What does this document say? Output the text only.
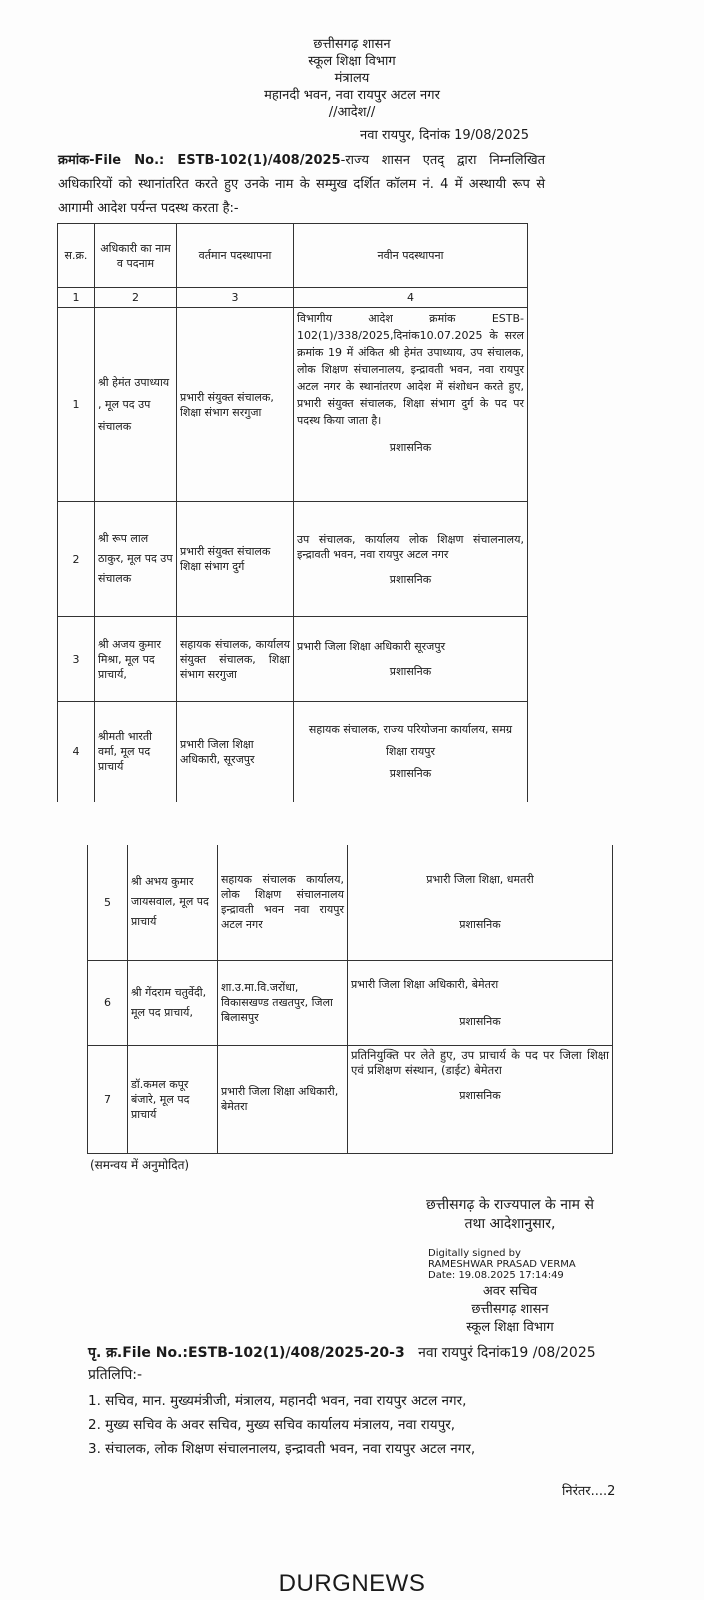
छत्तीसगढ़ शासन
स्कूल शिक्षा विभाग
मंत्रालय
महानदी भवन, नवा रायपुर अटल नगर
//आदेश//
नवा रायपुर, दिनांक 19/08/2025
क्रमांक-File No.: ESTB-102(1)/408/2025-राज्य शासन एतद् द्वारा निम्नलिखित अधिकारियों को स्थानांतरित करते हुए उनके नाम के सम्मुख दर्शित कॉलम नं. 4 में अस्थायी रूप से आगामी आदेश पर्यन्त पदस्थ करता है:-
स.क्र.	अधिकारी का नाम व पदनाम	वर्तमान पदस्थापना	नवीन पदस्थापना
1	2	3	4
1	श्री हेमंत उपाध्याय , मूल पद उप संचालक	प्रभारी संयुक्त संचालक, शिक्षा संभाग सरगुजा	विभागीय आदेश क्रमांक ESTB-102(1)/338/2025,दिनांक10.07.2025 के सरल क्रमांक 19 में अंकित श्री हेमंत उपाध्याय, उप संचालक, लोक शिक्षण संचालनालय, इन्द्रावती भवन, नवा रायपुर अटल नगर के स्थानांतरण आदेश में संशोधन करते हुए, प्रभारी संयुक्त संचालक, शिक्षा संभाग दुर्ग के पद पर पदस्थ किया जाता है।
प्रशासनिक

2	श्री रूप लाल ठाकुर, मूल पद उप संचालक	प्रभारी संयुक्त संचालक शिक्षा संभाग दुर्ग	उप संचालक, कार्यालय लोक शिक्षण संचालनालय, इन्द्रावती भवन, नवा रायपुर अटल नगर
प्रशासनिक

3	श्री अजय कुमार मिश्रा, मूल पद प्राचार्य,	सहायक संचालक, कार्यालय संयुक्त संचालक, शिक्षा संभाग सरगुजा	प्रभारी जिला शिक्षा अधिकारी सूरजपुर
प्रशासनिक

4	श्रीमती भारती वर्मा, मूल पद प्राचार्य	प्रभारी जिला शिक्षा अधिकारी, सूरजपुर	सहायक संचालक, राज्य परियोजना कार्यालय, समग्र शिक्षा रायपुर
प्रशासनिक
5	श्री अभय कुमार जायसवाल, मूल पद प्राचार्य	सहायक संचालक कार्यालय, लोक शिक्षण संचालनालय इन्द्रावती भवन नवा रायपुर अटल नगर	प्रभारी जिला शिक्षा, धमतरी
प्रशासनिक

6	श्री गेंदराम चतुर्वेदी, मूल पद प्राचार्य,	शा.उ.मा.वि.जरोंधा, विकासखण्ड तखतपुर, जिला बिलासपुर	प्रभारी जिला शिक्षा अधिकारी, बेमेतरा
प्रशासनिक

7	डॉ.कमल कपूर बंजारे, मूल पद प्राचार्य	प्रभारी जिला शिक्षा अधिकारी, बेमेतरा	प्रतिनियुक्ति पर लेते हुए, उप प्राचार्य के पद पर जिला शिक्षा एवं प्रशिक्षण संस्थान, (डाईट) बेमेतरा
प्रशासनिक
(समन्वय में अनुमोदित)
छत्तीसगढ़ के राज्यपाल के नाम से
तथा आदेशानुसार,
Digitally signed by
RAMESHWAR PRASAD VERMA
Date: 19.08.2025 17:14:49
अवर सचिव
छत्तीसगढ़ शासन
स्कूल शिक्षा विभाग
पृ. क्र.File No.:ESTB-102(1)/408/2025-20-3 नवा रायपुरं दिनांक19 /08/2025
प्रतिलिपि:-
1. सचिव, मान. मुख्यमंत्रीजी, मंत्रालय, महानदी भवन, नवा रायपुर अटल नगर,
2. मुख्य सचिव के अवर सचिव, मुख्य सचिव कार्यालय मंत्रालय, नवा रायपुर,
3. संचालक, लोक शिक्षण संचालनालय, इन्द्रावती भवन, नवा रायपुर अटल नगर,
निरंतर....2
DURGNEWS
